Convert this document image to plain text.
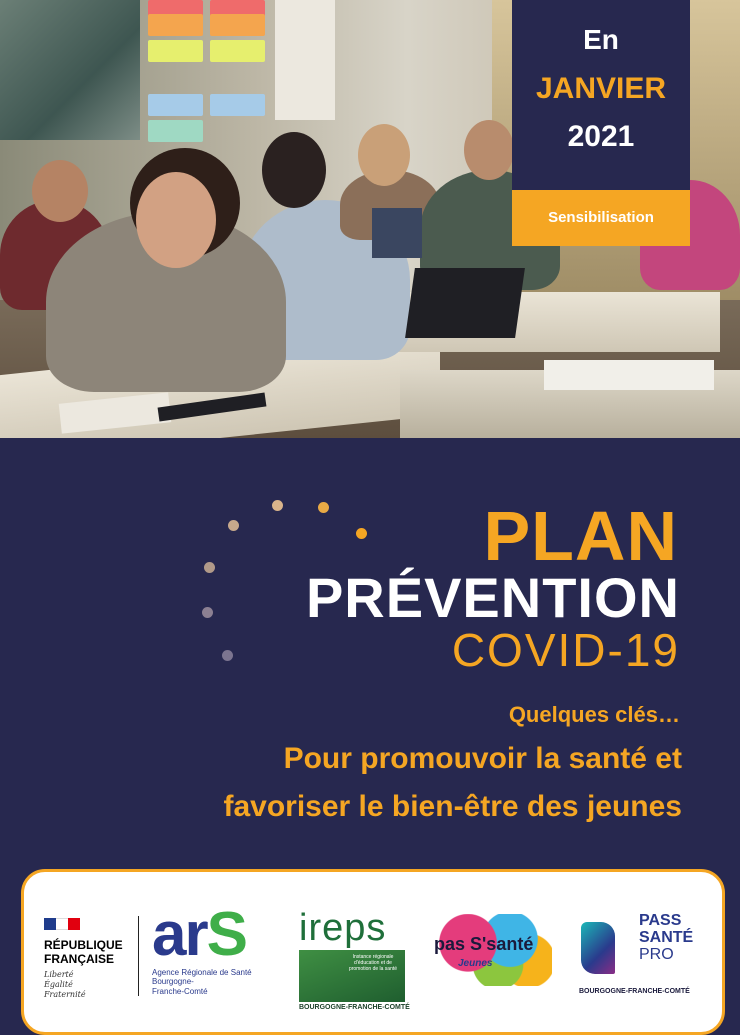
En
JANVIER
2021
Sensibilisation
PLAN
PRÉVENTION
COVID-19
Quelques clés…
Pour promouvoir la santé et
favoriser le bien-être des jeunes
RÉPUBLIQUE
FRANÇAISE
Liberté
Égalité
Fraternité
arS
Agence Régionale de Santé
Bourgogne-
Franche-Comté
ireps
Instance régionale d'éducation et de promotion de la santé
BOURGOGNE-FRANCHE-COMTÉ
pas S'santé
Jeunes
PASS
SANTÉ
PRO
BOURGOGNE-FRANCHE-COMTÉ
